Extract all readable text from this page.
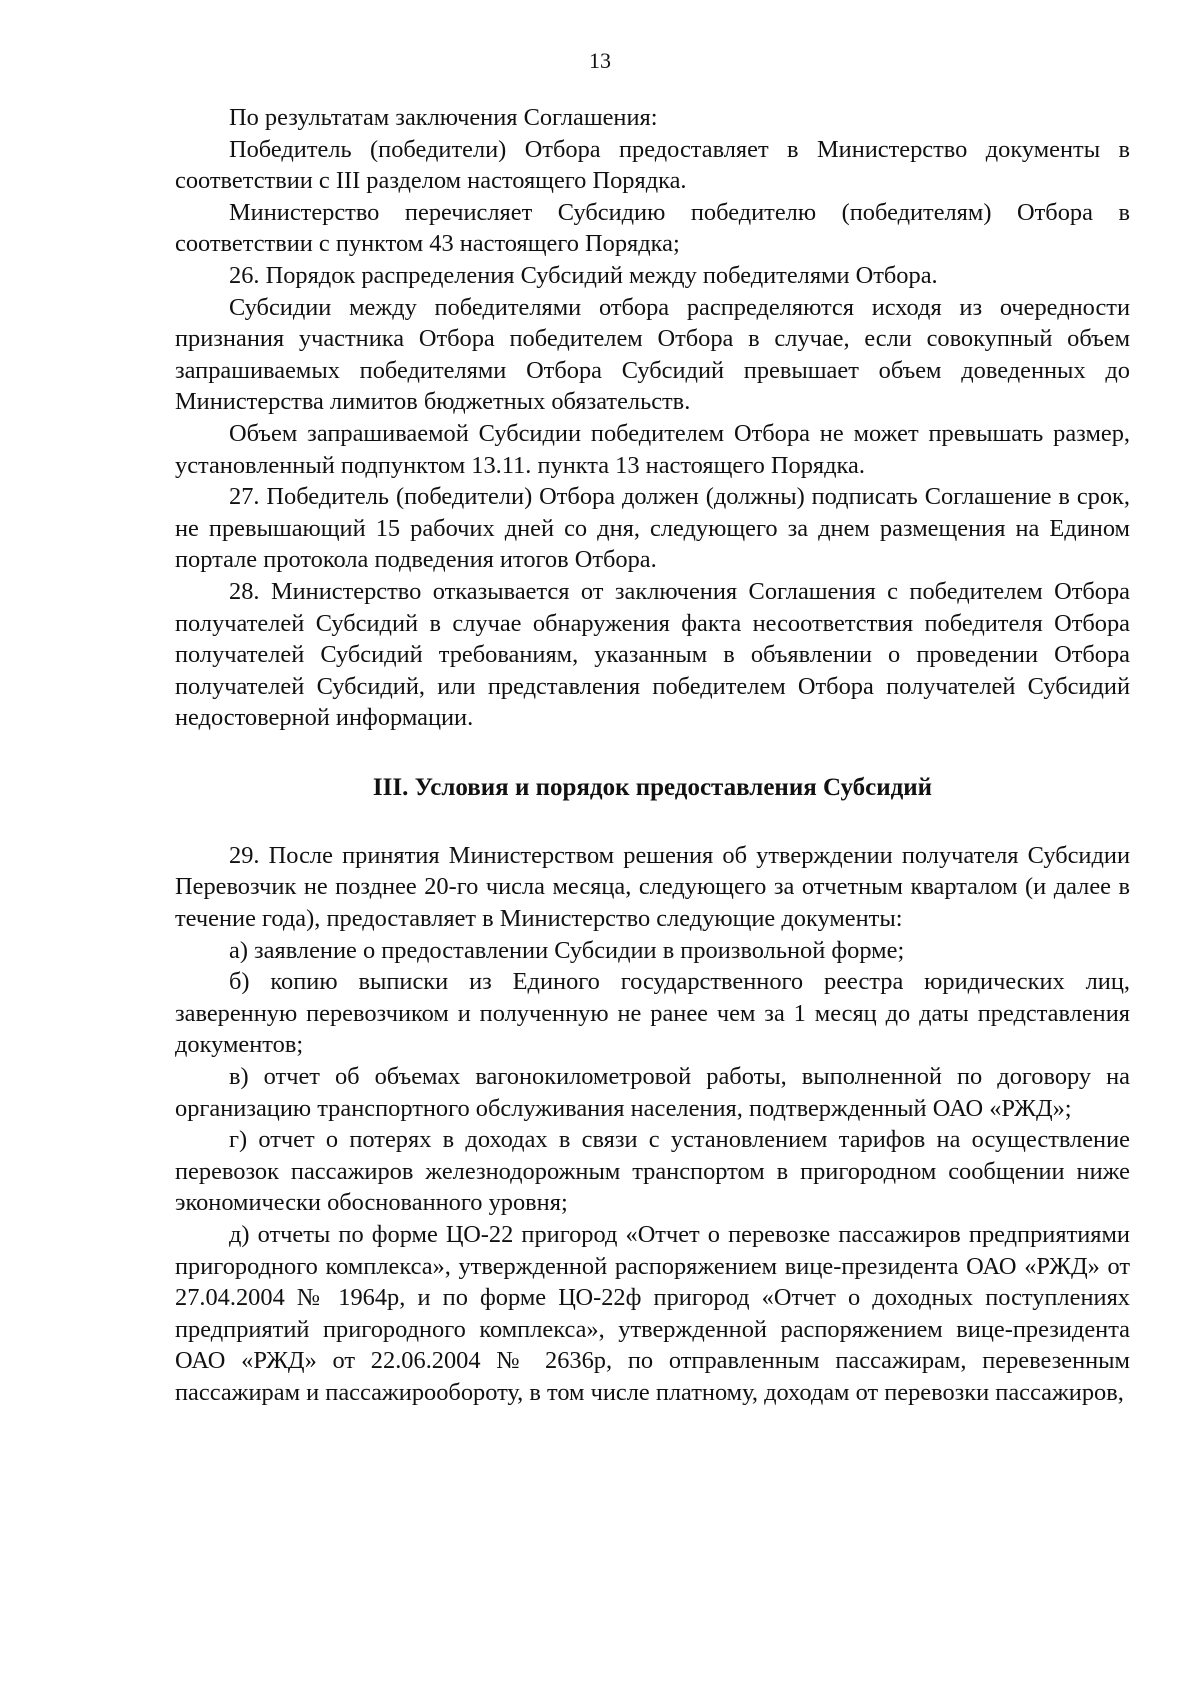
13

По результатам заключения Соглашения:

Победитель (победители) Отбора предоставляет в Министерство документы в соответствии с III разделом настоящего Порядка.

Министерство перечисляет Субсидию победителю (победителям) Отбора в соответствии с пунктом 43 настоящего Порядка;

26. Порядок распределения Субсидий между победителями Отбора.

Субсидии между победителями отбора распределяются исходя из очередности признания участника Отбора победителем Отбора в случае, если совокупный объем запрашиваемых победителями Отбора Субсидий превышает объем доведенных до Министерства лимитов бюджетных обязательств.

Объем запрашиваемой Субсидии победителем Отбора не может превышать размер, установленный подпунктом 13.11. пункта 13 настоящего Порядка.

27. Победитель (победители) Отбора должен (должны) подписать Соглашение в срок, не превышающий 15 рабочих дней со дня, следующего за днем размещения на Едином портале протокола подведения итогов Отбора.

28. Министерство отказывается от заключения Соглашения с победителем Отбора получателей Субсидий в случае обнаружения факта несоответствия победителя Отбора получателей Субсидий требованиям, указанным в объявлении о проведении Отбора получателей Субсидий, или представления победителем Отбора получателей Субсидий недостоверной информации.

III. Условия и порядок предоставления Субсидий

29. После принятия Министерством решения об утверждении получателя Субсидии Перевозчик не позднее 20-го числа месяца, следующего за отчетным кварталом (и далее в течение года), предоставляет в Министерство следующие документы:

а) заявление о предоставлении Субсидии в произвольной форме;

б) копию выписки из Единого государственного реестра юридических лиц, заверенную перевозчиком и полученную не ранее чем за 1 месяц до даты представления документов;

в) отчет об объемах вагонокилометровой работы, выполненной по договору на организацию транспортного обслуживания населения, подтвержденный ОАО «РЖД»;

г) отчет о потерях в доходах в связи с установлением тарифов на осуществление перевозок пассажиров железнодорожным транспортом в пригородном сообщении ниже экономически обоснованного уровня;

д) отчеты по форме ЦО-22 пригород «Отчет о перевозке пассажиров предприятиями пригородного комплекса», утвержденной распоряжением вице-президента ОАО «РЖД» от 27.04.2004 № 1964р, и по форме ЦО-22ф пригород «Отчет о доходных поступлениях предприятий пригородного комплекса», утвержденной распоряжением вице-президента ОАО «РЖД» от 22.06.2004 № 2636р, по отправленным пассажирам, перевезенным пассажирам и пассажирообороту, в том числе платному, доходам от перевозки пассажиров,
